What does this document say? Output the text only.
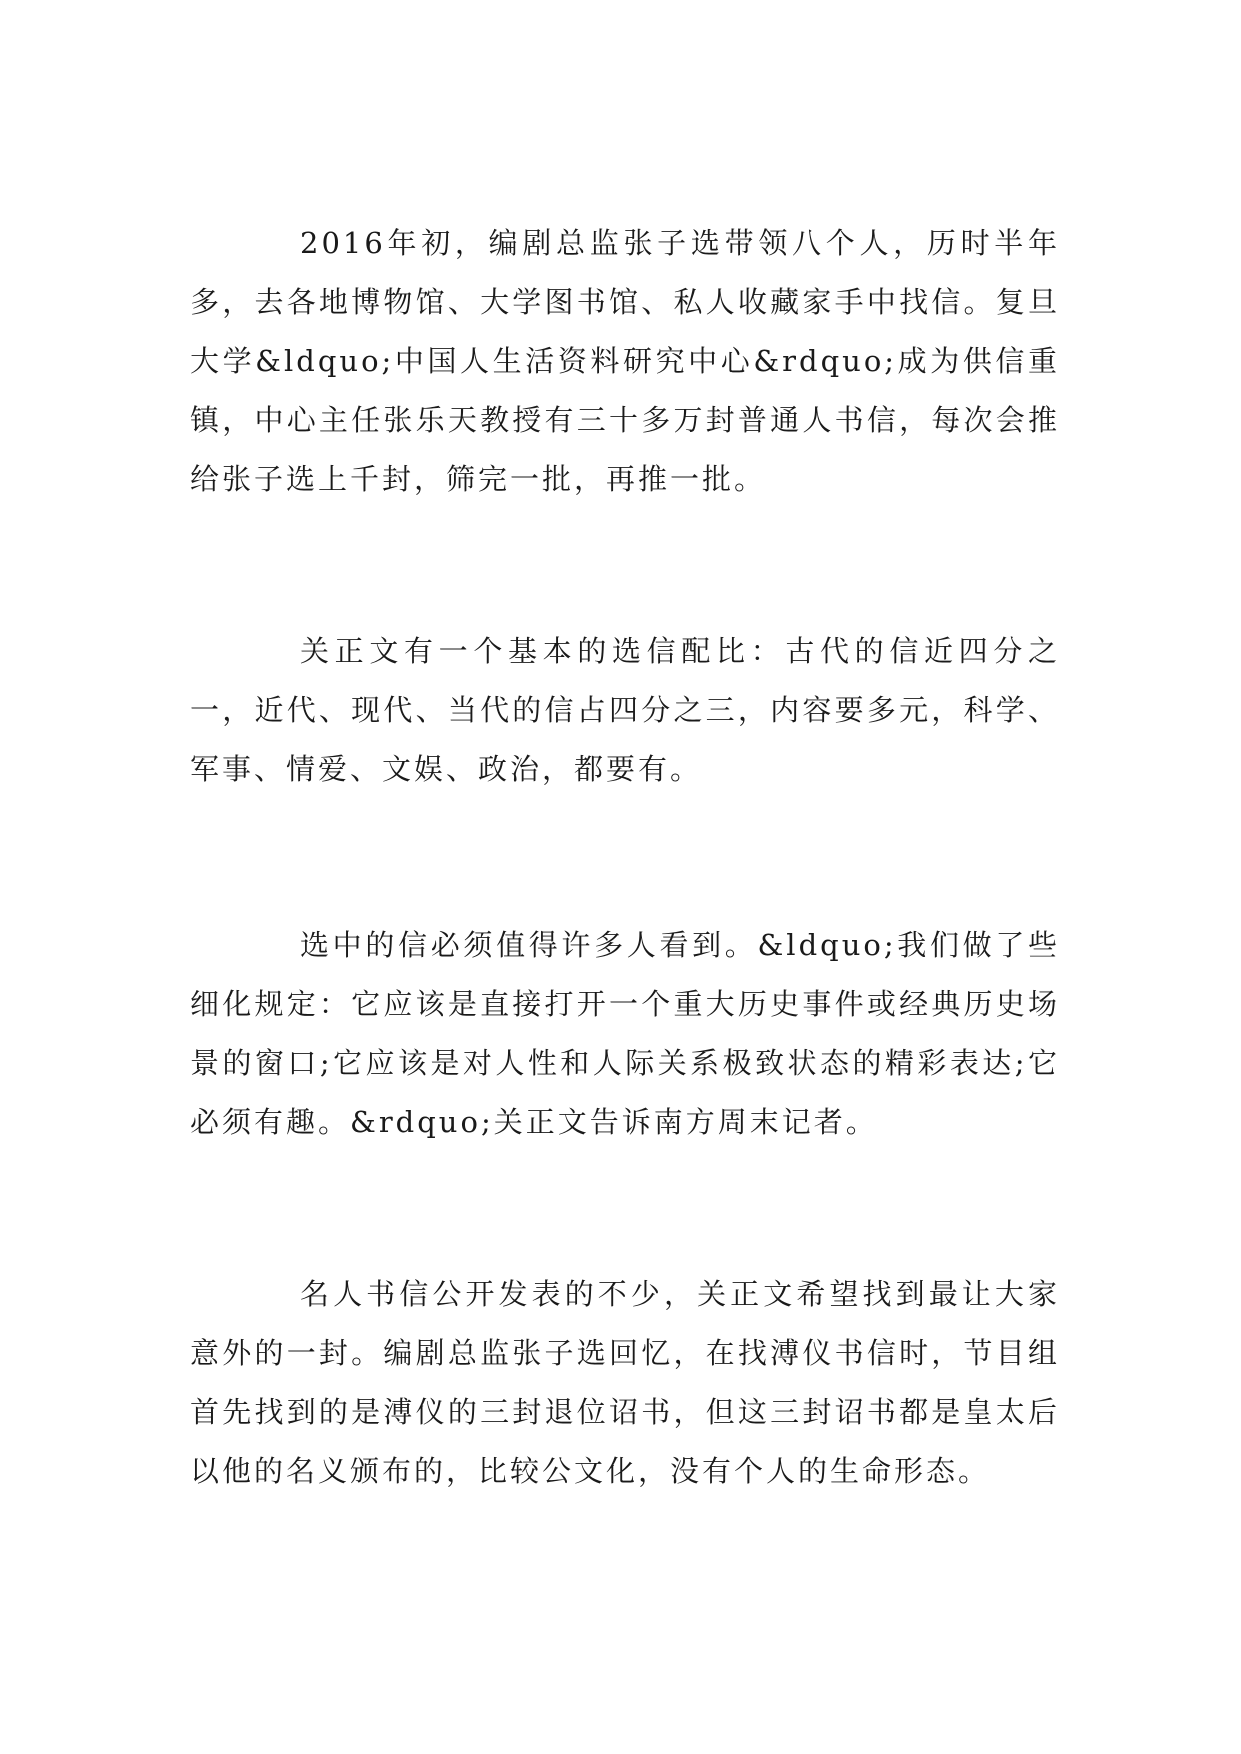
2016年初，编剧总监张子选带领八个人，历时半年多，去各地博物馆、大学图书馆、私人收藏家手中找信。复旦大学&ldquo;中国人生活资料研究中心&rdquo;成为供信重镇，中心主任张乐天教授有三十多万封普通人书信，每次会推给张子选上千封，筛完一批，再推一批。

关正文有一个基本的选信配比：古代的信近四分之一，近代、现代、当代的信占四分之三，内容要多元，科学、军事、情爱、文娱、政治，都要有。

选中的信必须值得许多人看到。&ldquo;我们做了些细化规定：它应该是直接打开一个重大历史事件或经典历史场景的窗口;它应该是对人性和人际关系极致状态的精彩表达;它必须有趣。&rdquo;关正文告诉南方周末记者。

名人书信公开发表的不少，关正文希望找到最让大家意外的一封。编剧总监张子选回忆，在找溥仪书信时，节目组首先找到的是溥仪的三封退位诏书，但这三封诏书都是皇太后以他的名义颁布的，比较公文化，没有个人的生命形态。
